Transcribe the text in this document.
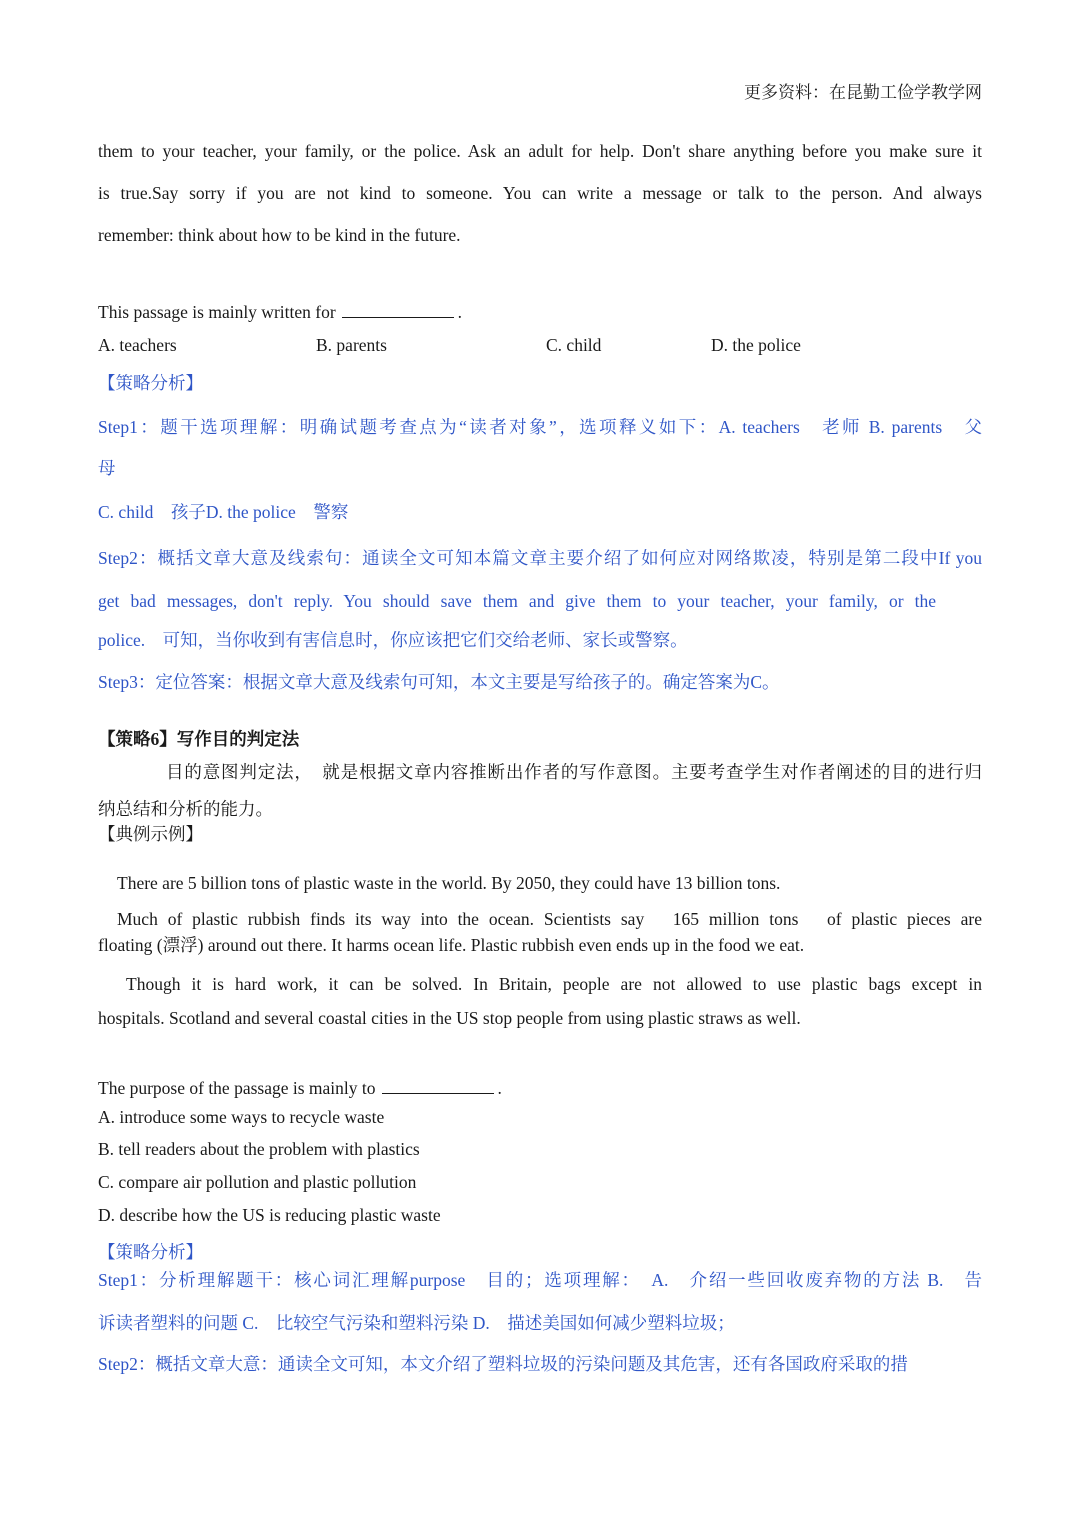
更多资料：在昆勤工俭学教学网
them to your teacher, your family, or the police. Ask an adult for help. Don't share anything before you make sure it
is true.Say sorry if you are not kind to someone. You can write a message or talk to the person. And always
remember: think about how to be kind in the future.
This passage is mainly written for	.
A. teachers	B. parents	C. child	D. the police
【策略分析】
Step1：题干选项理解：明确试题考查点为“读者对象”，选项释义如下：A. teachers　老师 B. parents　父
母
C. child　孩子D. the police　警察
Step2：概括文章大意及线索句：通读全文可知本篇文章主要介绍了如何应对网络欺凌，特别是第二段中If you
get bad messages, don't reply. You should save them and give them to your teacher, your family, or the
police.　可知，当你收到有害信息时，你应该把它们交给老师、家长或警察。
Step3：定位答案：根据文章大意及线索句可知，本文主要是写给孩子的。确定答案为C。
【策略6】写作目的判定法
目的意图判定法，　就是根据文章内容推断出作者的写作意图。主要考查学生对作者阐述的目的进行归
纳总结和分析的能力。
【典例示例】
There are 5 billion tons of plastic waste in the world. By 2050, they could have 13 billion tons.
Much of plastic rubbish finds its way into the ocean. Scientists say　165 million tons　of plastic pieces are
floating (漂浮) around out there. It harms ocean life. Plastic rubbish even ends up in the food we eat.
Though it is hard work, it can be solved. In Britain, people are not allowed to use plastic bags except in
hospitals. Scotland and several coastal cities in the US stop people from using plastic straws as well.
The purpose of the passage is mainly to	.
A. introduce some ways to recycle waste
B. tell readers about the problem with plastics
C. compare air pollution and plastic pollution
D. describe how the US is reducing plastic waste
【策略分析】
Step1：分析理解题干：核心词汇理解purpose　目的；选项理解：　A.　介绍一些回收废弃物的方法 B.　告
诉读者塑料的问题 C.　比较空气污染和塑料污染 D.　描述美国如何减少塑料垃圾；
Step2：概括文章大意：通读全文可知，本文介绍了塑料垃圾的污染问题及其危害，还有各国政府采取的措
